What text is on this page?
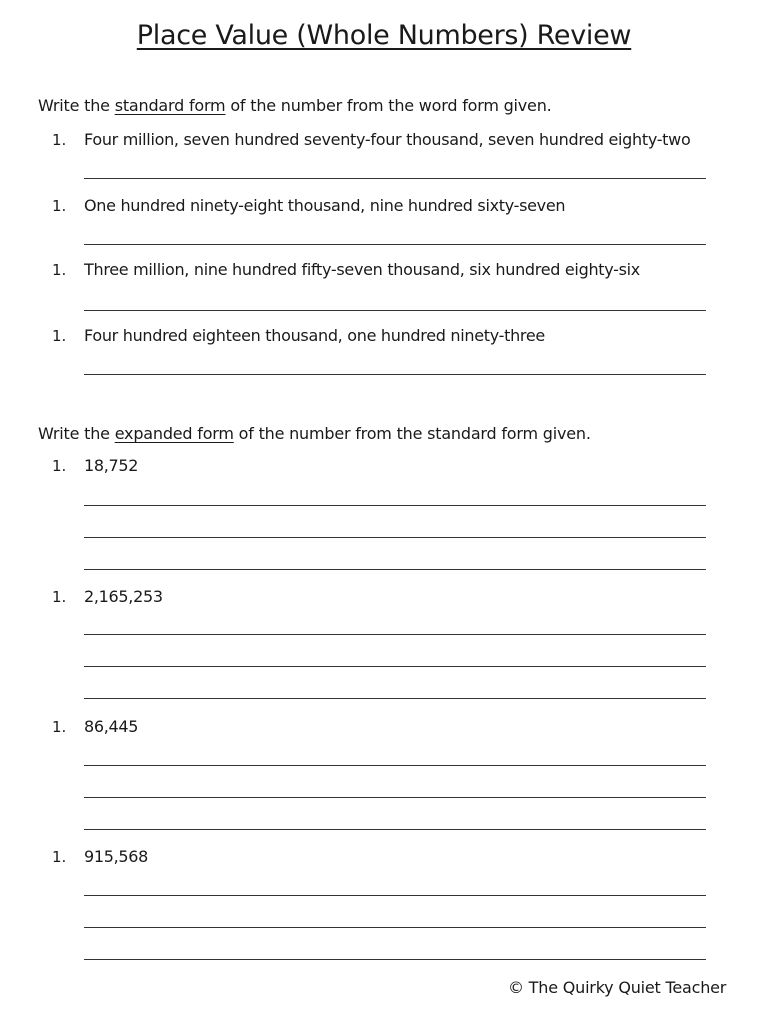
Place Value (Whole Numbers) Review
Write the standard form of the number from the word form given.
1. Four million, seven hundred seventy-four thousand, seven hundred eighty-two
1. One hundred ninety-eight thousand, nine hundred sixty-seven
1. Three million, nine hundred fifty-seven thousand, six hundred eighty-six
1. Four hundred eighteen thousand, one hundred ninety-three
Write the expanded form of the number from the standard form given.
1. 18,752
1. 2,165,253
1. 86,445
1. 915,568
© The Quirky Quiet Teacher
